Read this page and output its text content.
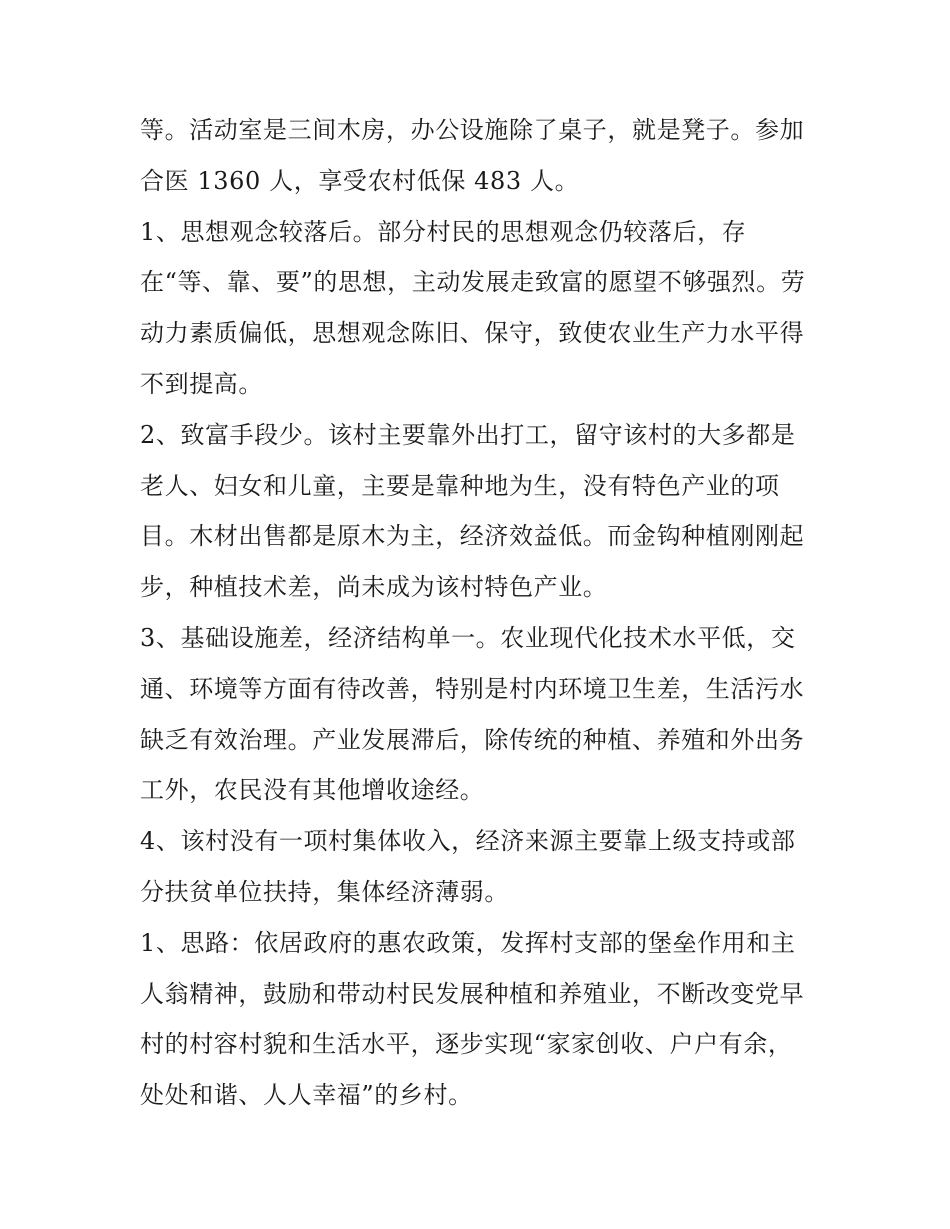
等。活动室是三间木房，办公设施除了桌子，就是凳子。参加
合医 1360 人，享受农村低保 483 人。
1、思想观念较落后。部分村民的思想观念仍较落后，存
在“等、靠、要”的思想，主动发展走致富的愿望不够强烈。劳
动力素质偏低，思想观念陈旧、保守，致使农业生产力水平得
不到提高。
2、致富手段少。该村主要靠外出打工，留守该村的大多都是
老人、妇女和儿童，主要是靠种地为生，没有特色产业的项
目。木材出售都是原木为主，经济效益低。而金钩种植刚刚起
步，种植技术差，尚未成为该村特色产业。
3、基础设施差，经济结构单一。农业现代化技术水平低，交
通、环境等方面有待改善，特别是村内环境卫生差，生活污水
缺乏有效治理。产业发展滞后，除传统的种植、养殖和外出务
工外，农民没有其他增收途经。
4、该村没有一项村集体收入，经济来源主要靠上级支持或部
分扶贫单位扶持，集体经济薄弱。
1、思路：依居政府的惠农政策，发挥村支部的堡垒作用和主
人翁精神，鼓励和带动村民发展种植和养殖业，不断改变党早
村的村容村貌和生活水平，逐步实现“家家创收、户户有余，
处处和谐、人人幸福”的乡村。
